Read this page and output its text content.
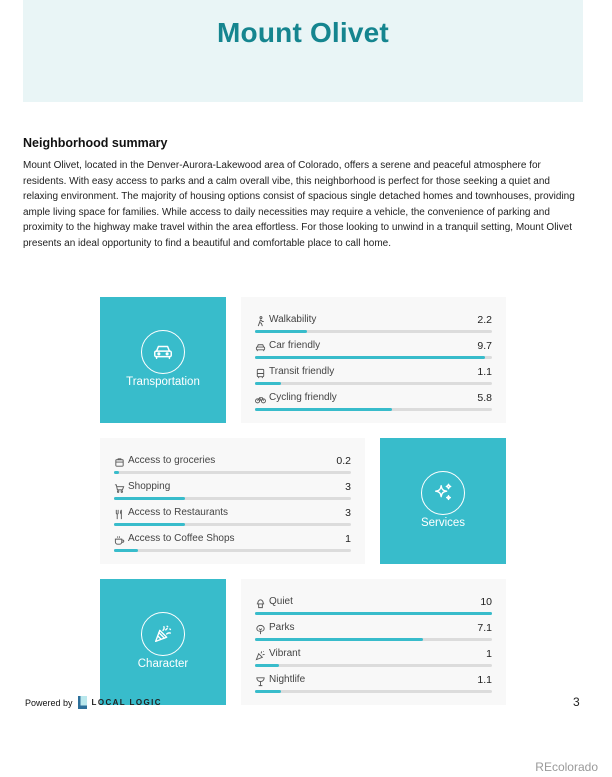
Mount Olivet
Neighborhood summary

Mount Olivet, located in the Denver-Aurora-Lakewood area of Colorado, offers a serene and peaceful atmosphere for residents. With easy access to parks and a calm overall vibe, this neighborhood is perfect for those seeking a quiet and relaxing environment. The majority of housing options consist of spacious single detached homes and townhouses, providing ample living space for families. While access to daily necessities may require a vehicle, the convenience of parking and proximity to the highway make travel within the area effortless. For those looking to unwind in a tranquil setting, Mount Olivet presents an ideal opportunity to find a beautiful and comfortable place to call home.

Transportation
Walkability	2.2
Car friendly	9.7
Transit friendly	1.1
Cycling friendly	5.8
Access to groceries	0.2
Shopping	3
Access to Restaurants	3
Access to Coffee Shops	1
Services
Character
Quiet	10
Parks	7.1
Vibrant	1
Nightlife	1.1
Powered by LOCAL LOGIC	3
REcolorado
